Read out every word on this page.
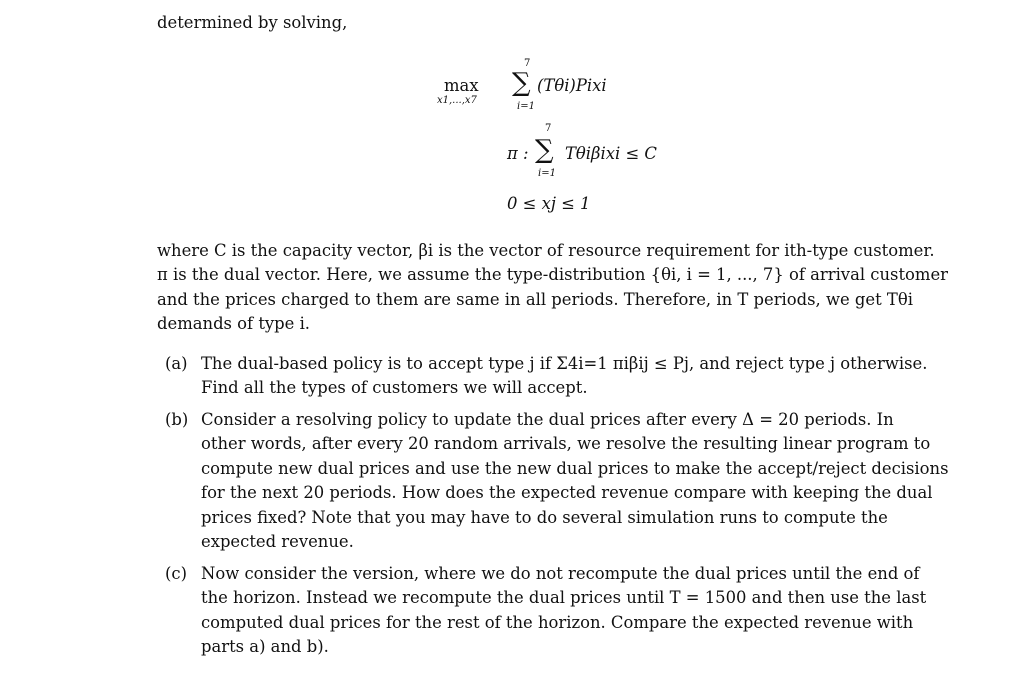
determined by solving,
max
x1,...,x7
7
∑
i=1
(Tθi)Pixi
7
π : ∑
i=1
Tθiβixi ≤ C
0 ≤ xj ≤ 1
where C is the capacity vector, βi is the vector of resource requirement for ith-type customer.
π is the dual vector. Here, we assume the type-distribution {θi, i = 1, ..., 7} of arrival customer
and the prices charged to them are same in all periods. Therefore, in T periods, we get Tθi
demands of type i.
(a) The dual-based policy is to accept type j if Σ4i=1 πiβij ≤ Pj, and reject type j otherwise.
Find all the types of customers we will accept.
(b) Consider a resolving policy to update the dual prices after every Δ = 20 periods. In
other words, after every 20 random arrivals, we resolve the resulting linear program to
compute new dual prices and use the new dual prices to make the accept/reject decisions
for the next 20 periods. How does the expected revenue compare with keeping the dual
prices fixed? Note that you may have to do several simulation runs to compute the
expected revenue.
(c) Now consider the version, where we do not recompute the dual prices until the end of
the horizon. Instead we recompute the dual prices until T = 1500 and then use the last
computed dual prices for the rest of the horizon. Compare the expected revenue with
parts a) and b).
